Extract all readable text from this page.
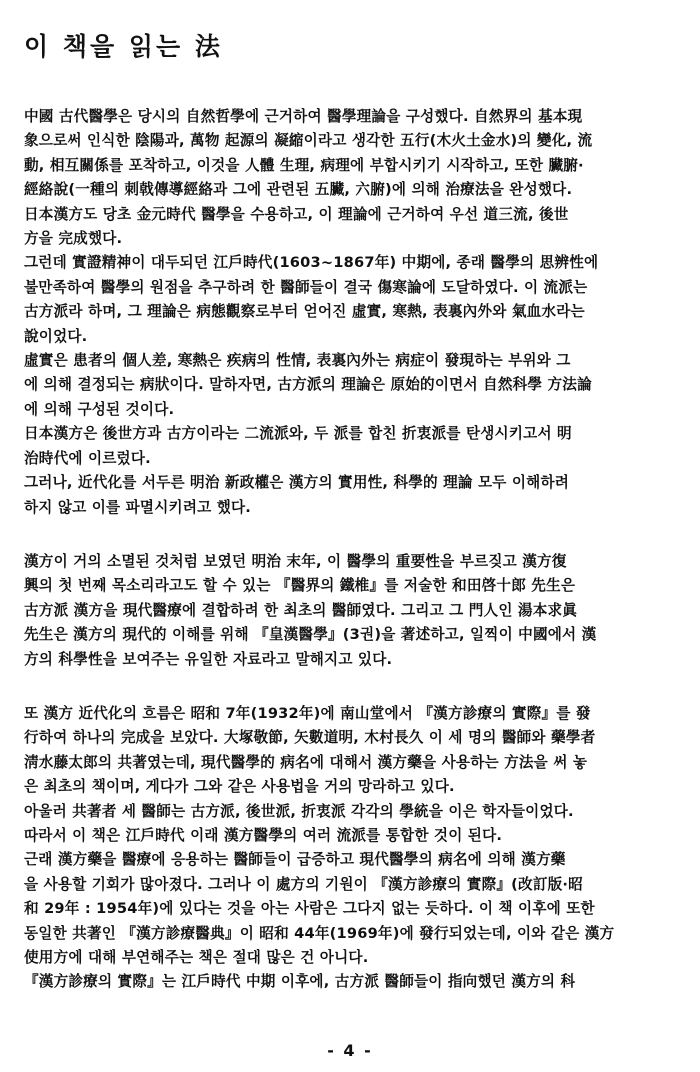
이 책을 읽는 法

中國 古代醫學은 당시의 自然哲學에 근거하여 醫學理論을 구성했다. 自然界의 基本現
象으로써 인식한 陰陽과, 萬物 起源의 凝縮이라고 생각한 五行(木火土金水)의 變化, 流
動, 相互關係를 포착하고, 이것을 人體 生理, 病理에 부합시키기 시작하고, 또한 臟腑·
經絡說(一種의 刺戟傳導經絡과 그에 관련된 五臟, 六腑)에 의해 治療法을 완성했다.

日本漢方도 당초 金元時代 醫學을 수용하고, 이 理論에 근거하여 우선 道三流, 後世
方을 完成했다.

그런데 實證精神이 대두되던 江戶時代(1603~1867年) 中期에, 종래 醫學의 思辨性에
불만족하여 醫學의 원점을 추구하려 한 醫師들이 결국 傷寒論에 도달하였다. 이 流派는
古方派라 하며, 그 理論은 病態觀察로부터 얻어진 虛實, 寒熱, 表裏內外와 氣血水라는
說이었다.

虛實은 患者의 個人差, 寒熱은 疾病의 性情, 表裏內外는 病症이 發現하는 부위와 그
에 의해 결정되는 病狀이다. 말하자면, 古方派의 理論은 原始的이면서 自然科學 方法論
에 의해 구성된 것이다.

日本漢方은 後世方과 古方이라는 二流派와, 두 派를 합친 折衷派를 탄생시키고서 明
治時代에 이르렀다.

그러나, 近代化를 서두른 明治 新政權은 漢方의 實用性, 科學的 理論 모두 이해하려
하지 않고 이를 파멸시키려고 했다.

漢方이 거의 소멸된 것처럼 보였던 明治 末年, 이 醫學의 重要性을 부르짖고 漢方復
興의 첫 번째 목소리라고도 할 수 있는 『醫界의 鐵椎』를 저술한 和田啓十郎 先生은
古方派 漢方을 現代醫療에 결합하려 한 최초의 醫師였다. 그리고 그 門人인 湯本求眞
先生은 漢方의 現代的 이해를 위해 『皇漢醫學』(3권)을 著述하고, 일찍이 中國에서 漢
方의 科學性을 보여주는 유일한 자료라고 말해지고 있다.

또 漢方 近代化의 흐름은 昭和 7年(1932年)에 南山堂에서 『漢方診療의 實際』를 發
行하여 하나의 完成을 보았다. 大塚敬節, 矢數道明, 木村長久 이 세 명의 醫師와 藥學者
淸水藤太郎의 共著였는데, 現代醫學的 病名에 대해서 漢方藥을 사용하는 方法을 써 놓
은 최초의 책이며, 게다가 그와 같은 사용법을 거의 망라하고 있다.

아울러 共著者 세 醫師는 古方派, 後世派, 折衷派 각각의 學統을 이은 학자들이었다.
따라서 이 책은 江戶時代 이래 漢方醫學의 여러 流派를 통합한 것이 된다.

근래 漢方藥을 醫療에 응용하는 醫師들이 급증하고 現代醫學의 病名에 의해 漢方藥
을 사용할 기회가 많아졌다. 그러나 이 處方의 기원이 『漢方診療의 實際』(改訂版·昭
和 29年 : 1954年)에 있다는 것을 아는 사람은 그다지 없는 듯하다. 이 책 이후에 또한
동일한 共著인 『漢方診療醫典』이 昭和 44年(1969年)에 發行되었는데, 이와 같은 漢方
使用方에 대해 부연해주는 책은 절대 많은 건 아니다.

『漢方診療의 實際』는 江戶時代 中期 이후에, 古方派 醫師들이 指向했던 漢方의 科

- 4 -
